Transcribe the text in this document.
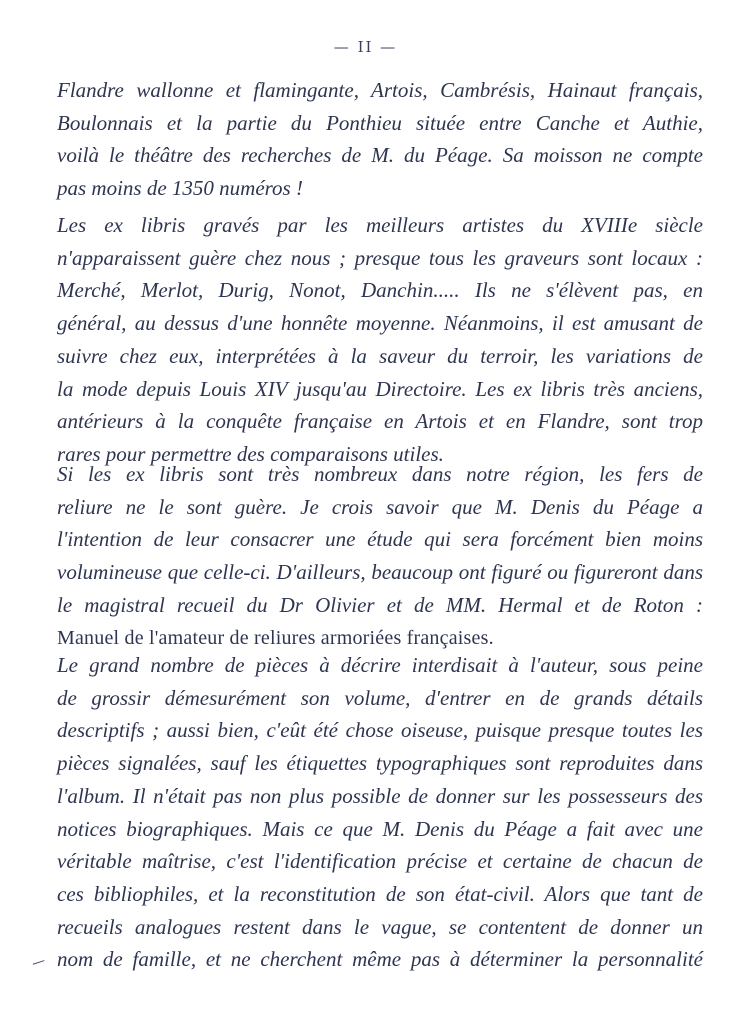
— II —
Flandre wallonne et flamingante, Artois, Cambrésis, Hainaut français,
Boulonnais et la partie du Ponthieu située entre Canche et Authie,
voilà le théâtre des recherches de M. du Péage. Sa moisson ne compte
pas moins de 1350 numéros !
Les ex libris gravés par les meilleurs artistes du XVIIIe siècle
n'apparaissent guère chez nous ; presque tous les graveurs sont locaux :
Merché, Merlot, Durig, Nonot, Danchin..... Ils ne s'élèvent pas, en
général, au dessus d'une honnête moyenne. Néanmoins, il est amusant de
suivre chez eux, interprétées à la saveur du terroir, les variations de
la mode depuis Louis XIV jusqu'au Directoire. Les ex libris très anciens,
antérieurs à la conquête française en Artois et en Flandre, sont trop
rares pour permettre des comparaisons utiles.
Si les ex libris sont très nombreux dans notre région, les fers de
reliure ne le sont guère. Je crois savoir que M. Denis du Péage a
l'intention de leur consacrer une étude qui sera forcément bien moins
volumineuse que celle-ci. D'ailleurs, beaucoup ont figuré ou figureront dans
le magistral recueil du Dr Olivier et de MM. Hermal et de Roton :
Manuel de l'amateur de reliures armoriées françaises.
Le grand nombre de pièces à décrire interdisait à l'auteur, sous peine
de grossir démesurément son volume, d'entrer en de grands détails
descriptifs ; aussi bien, c'eût été chose oiseuse, puisque presque toutes les
pièces signalées, sauf les étiquettes typographiques sont reproduites dans
l'album. Il n'était pas non plus possible de donner sur les possesseurs des
notices biographiques. Mais ce que M. Denis du Péage a fait avec une
véritable maîtrise, c'est l'identification précise et certaine de chacun de
ces bibliophiles, et la reconstitution de son état-civil. Alors que tant de
recueils analogues restent dans le vague, se contentent de donner un
nom de famille, et ne cherchent même pas à déterminer la personnalité
